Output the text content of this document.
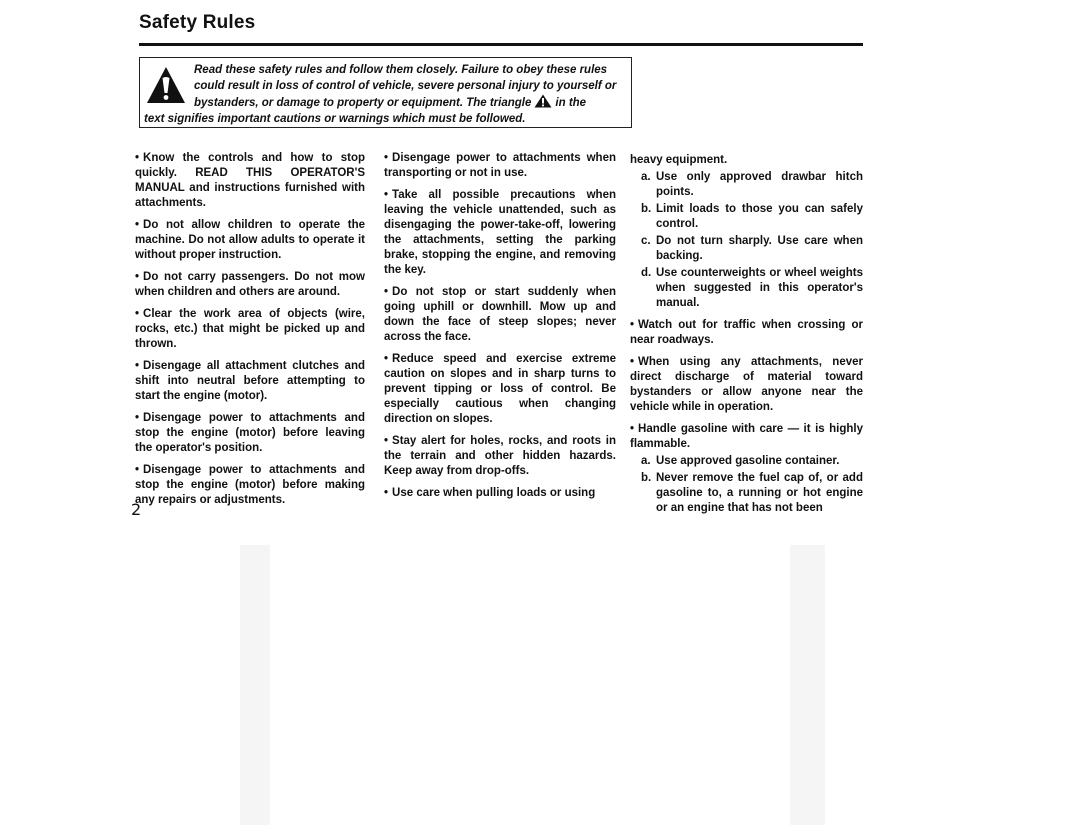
Safety Rules
Read these safety rules and follow them closely. Failure to obey these rules
could result in loss of control of vehicle, severe personal injury to yourself or
bystanders, or damage to property or equipment. The triangle in the
text signifies important cautions or warnings which must be followed.
• Know the controls and how to stop quickly. READ THIS OPERATOR'S MANUAL and instructions furnished with attachments.
• Do not allow children to operate the machine. Do not allow adults to operate it without proper instruction.
• Do not carry passengers. Do not mow when children and others are around.
• Clear the work area of objects (wire, rocks, etc.) that might be picked up and thrown.
• Disengage all attachment clutches and shift into neutral before attempting to start the engine (motor).
• Disengage power to attachments and stop the engine (motor) before leaving the operator's position.
• Disengage power to attachments and stop the engine (motor) before making any repairs or adjustments.
• Disengage power to attachments when transporting or not in use.
• Take all possible precautions when leaving the vehicle unattended, such as disengaging the power-take-off, lowering the attachments, setting the parking brake, stopping the engine, and removing the key.
• Do not stop or start suddenly when going uphill or downhill. Mow up and down the face of steep slopes; never across the face.
• Reduce speed and exercise extreme caution on slopes and in sharp turns to prevent tipping or loss of control. Be especially cautious when changing direction on slopes.
• Stay alert for holes, rocks, and roots in the terrain and other hidden hazards. Keep away from drop-offs.
• Use care when pulling loads or using
heavy equipment.
a. Use only approved drawbar hitch points.
b. Limit loads to those you can safely control.
c. Do not turn sharply. Use care when backing.
d. Use counterweights or wheel weights when suggested in this operator's manual.
• Watch out for traffic when crossing or near roadways.
• When using any attachments, never direct discharge of material toward bystanders or allow anyone near the vehicle while in operation.
• Handle gasoline with care — it is highly flammable.
a. Use approved gasoline container.
b. Never remove the fuel cap of, or add gasoline to, a running or hot engine or an engine that has not been
2
